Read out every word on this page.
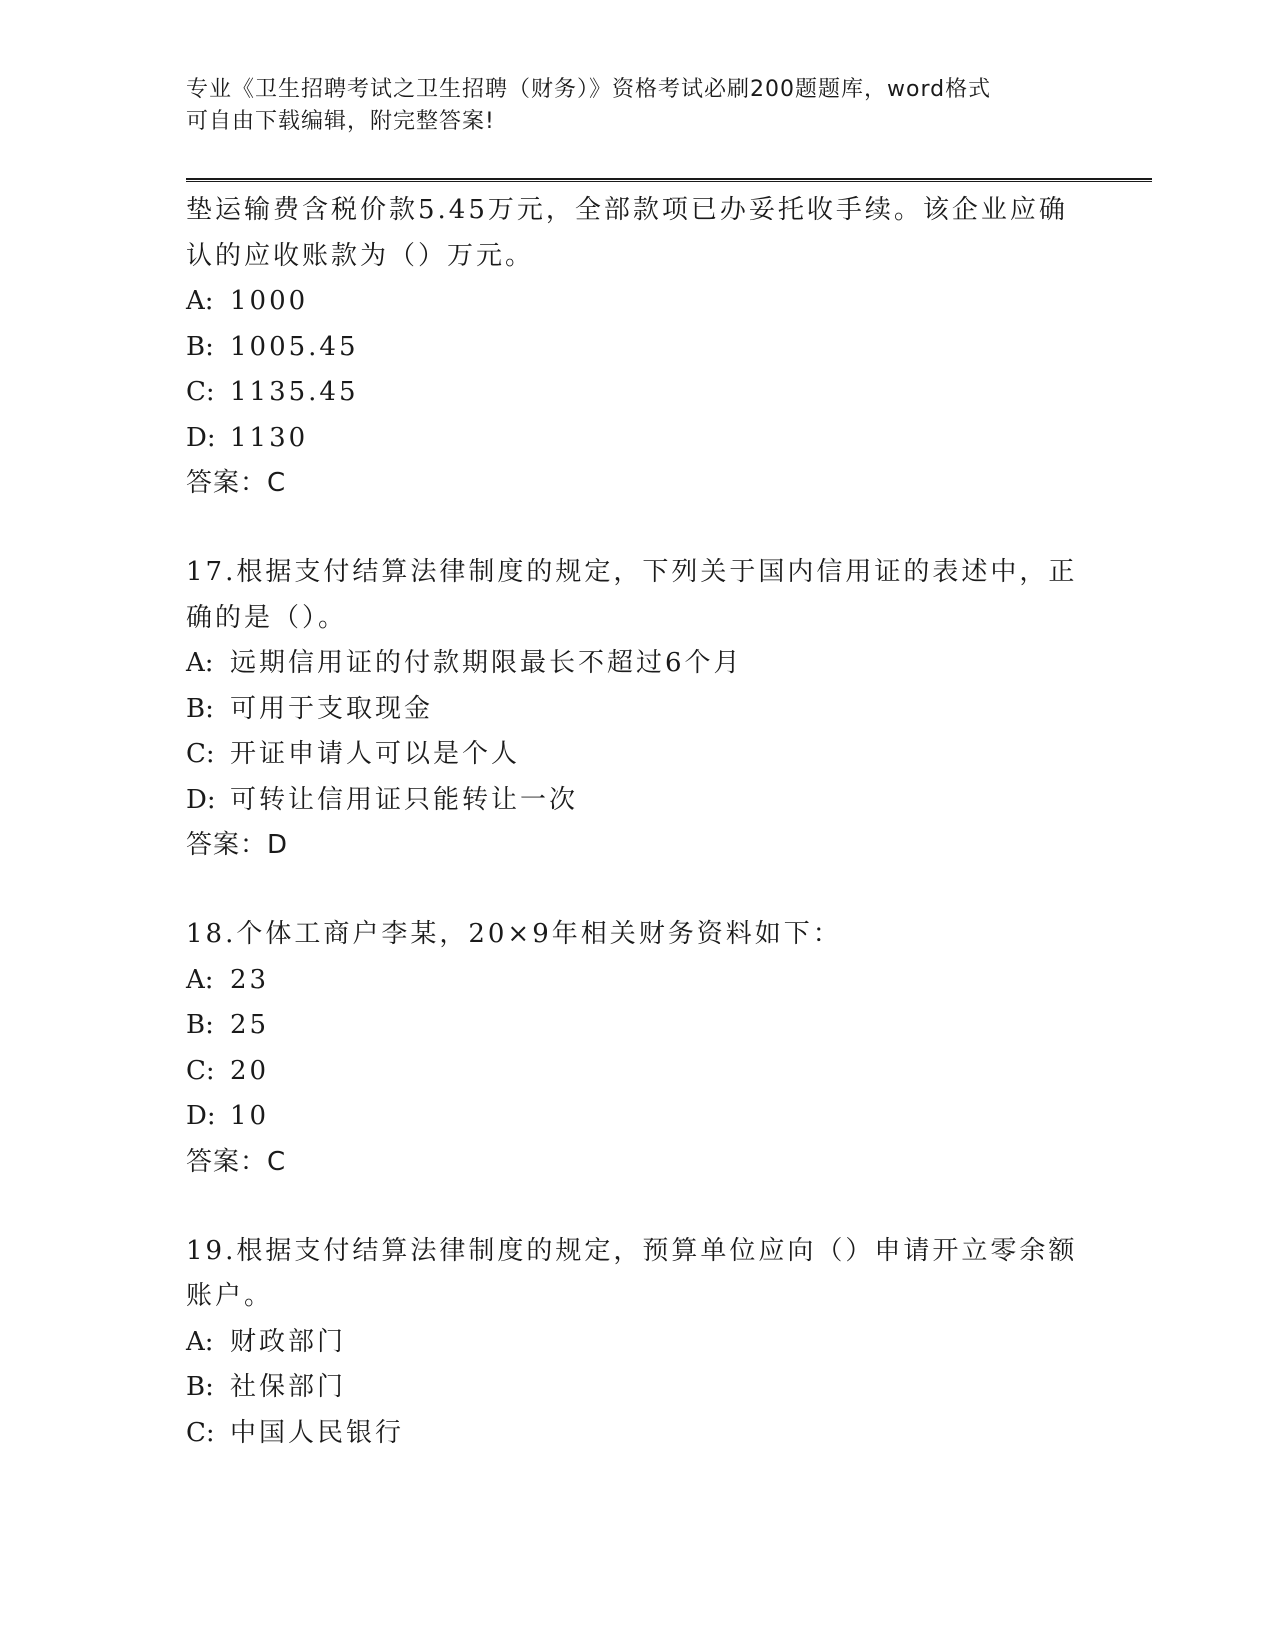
专业《卫生招聘考试之卫生招聘（财务）》资格考试必刷200题题库，word格式
可自由下载编辑，附完整答案!
垫运输费含税价款5.45万元，全部款项已办妥托收手续。该企业应确
认的应收账款为（）万元。
A: 1000
B: 1005.45
C: 1135.45
D: 1130
答案：C
17.根据支付结算法律制度的规定，下列关于国内信用证的表述中，正
确的是（）。
A: 远期信用证的付款期限最长不超过6个月
B: 可用于支取现金
C: 开证申请人可以是个人
D: 可转让信用证只能转让一次
答案：D
18.个体工商户李某，20×9年相关财务资料如下：
A: 23
B: 25
C: 20
D: 10
答案：C
19.根据支付结算法律制度的规定，预算单位应向（）申请开立零余额
账户。
A: 财政部门
B: 社保部门
C: 中国人民银行
